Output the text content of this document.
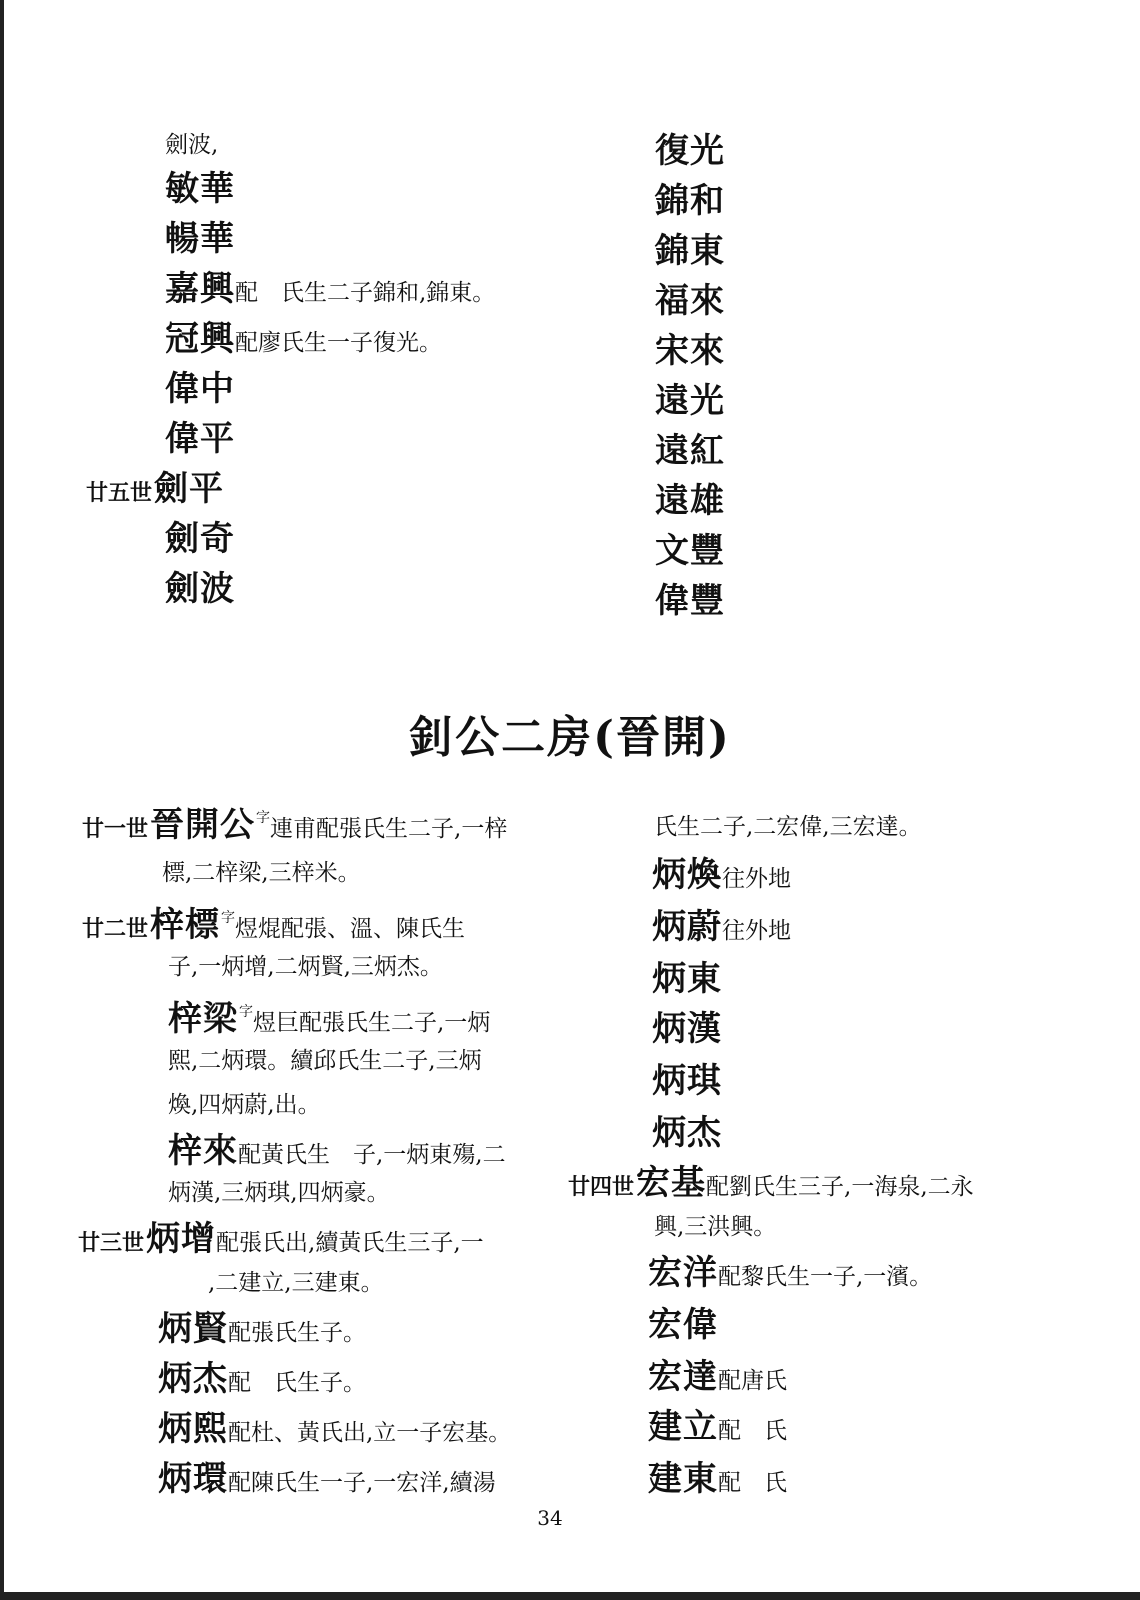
劍波,
敏華
暢華
嘉興配　氏生二子錦和,錦東。
冠興配廖氏生一子復光。
偉中
偉平
廿五世劍平
劍奇
劍波
復光
錦和
錦東
福來
宋來
遠光
遠紅
遠雄
文豐
偉豐
釗公二房(晉開)
廿一世晉開公$^字$連甫配張氏生二子,一梓
標,二梓梁,三梓米。
廿二世梓標$^字$煜焜配張、溫、陳氏生
子,一炳增,二炳賢,三炳杰。
梓梁$^字$煜巨配張氏生二子,一炳
熙,二炳環。續邱氏生二子,三炳
煥,四炳蔚,出。
梓來配黃氏生　子,一炳東殤,二
炳漢,三炳琪,四炳豪。
廿三世炳增配張氏出,續黃氏生三子,一
,二建立,三建東。
炳賢配張氏生子。
炳杰配　氏生子。
炳熙配杜、黃氏出,立一子宏基。
炳環配陳氏生一子,一宏洋,續湯
氏生二子,二宏偉,三宏達。
炳煥往外地
炳蔚往外地
炳東
炳漢
炳琪
炳杰
廿四世宏基配劉氏生三子,一海泉,二永
興,三洪興。
宏洋配黎氏生一子,一濱。
宏偉
宏達配唐氏
建立配　氏
建東配　氏
34
